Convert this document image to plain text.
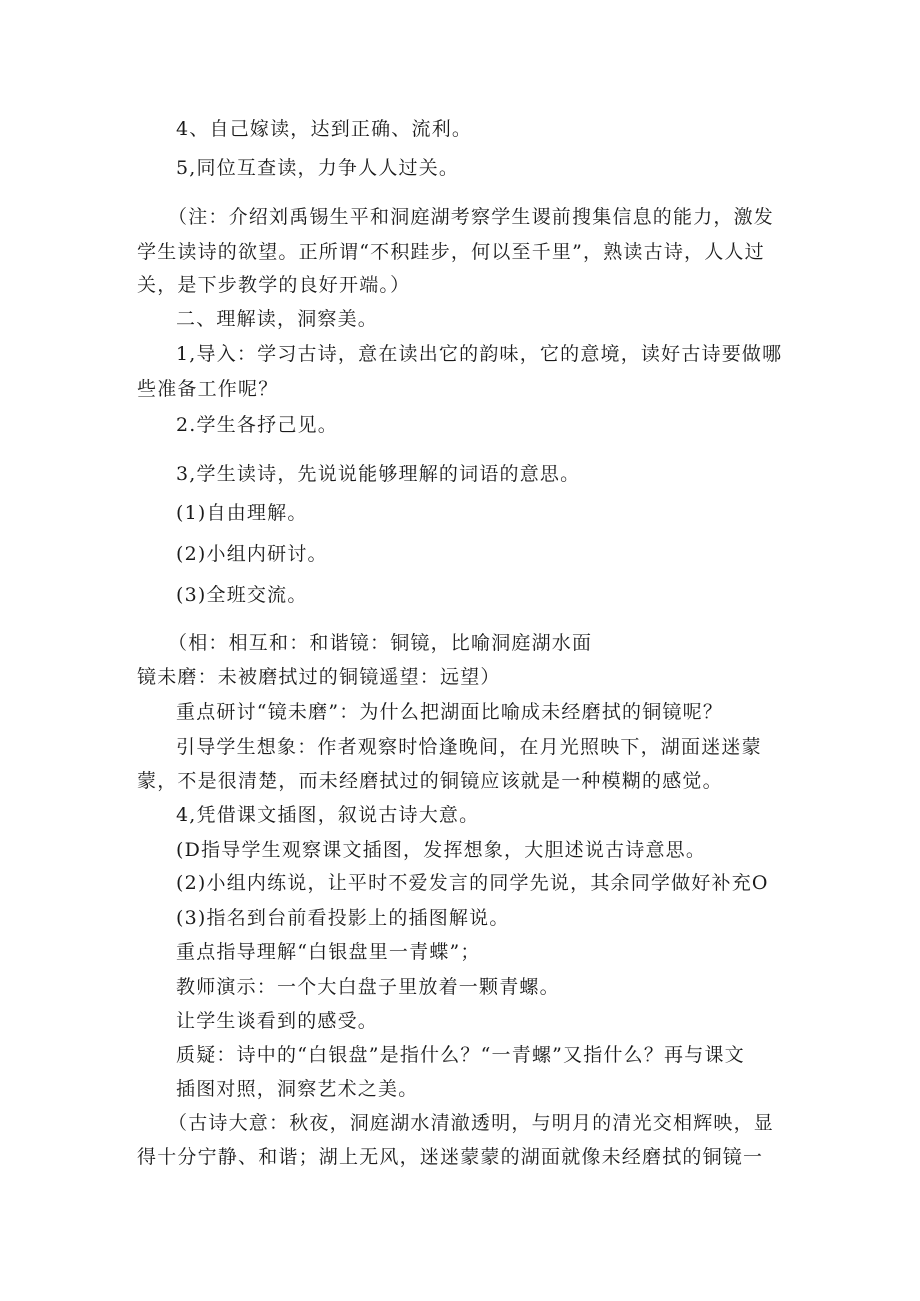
4、自己嫁读，达到正确、流利。
5,同位互查读，力争人人过关。
（注：介绍刘禹锡生平和洞庭湖考察学生谡前搜集信息的能力，激发
学生读诗的欲望。正所谓“不积跬步，何以至千里”，熟读古诗，人人过
关，是下步教学的良好开端。）
二、理解读，洞察美。
1,导入：学习古诗，意在读出它的韵味，它的意境，读好古诗要做哪
些准备工作呢？
2.学生各抒己见。
3,学生读诗，先说说能够理解的词语的意思。
(1)自由理解。
(2)小组内研讨。
(3)全班交流。
（相：相互和：和谐镜：铜镜，比喻洞庭湖水面
镜未磨：未被磨拭过的铜镜遥望：远望）
重点研讨“镜未磨”：为什么把湖面比喻成未经磨拭的铜镜呢？
引导学生想象：作者观察时恰逢晚间，在月光照映下，湖面迷迷蒙
蒙，不是很清楚，而未经磨拭过的铜镜应该就是一种模糊的感觉。
4,凭借课文插图，叙说古诗大意。
(D指导学生观察课文插图，发挥想象，大胆述说古诗意思。
(2)小组内练说，让平时不爱发言的同学先说，其余同学做好补充O
(3)指名到台前看投影上的插图解说。
重点指导理解“白银盘里一青蝶”；
教师演示：一个大白盘子里放着一颗青螺。
让学生谈看到的感受。
质疑：诗中的“白银盘”是指什么？“一青螺”又指什么？再与课文
插图对照，洞察艺术之美。
（古诗大意：秋夜，洞庭湖水清澈透明，与明月的清光交相辉映，显
得十分宁静、和谐；湖上无风，迷迷蒙蒙的湖面就像未经磨拭的铜镜一
